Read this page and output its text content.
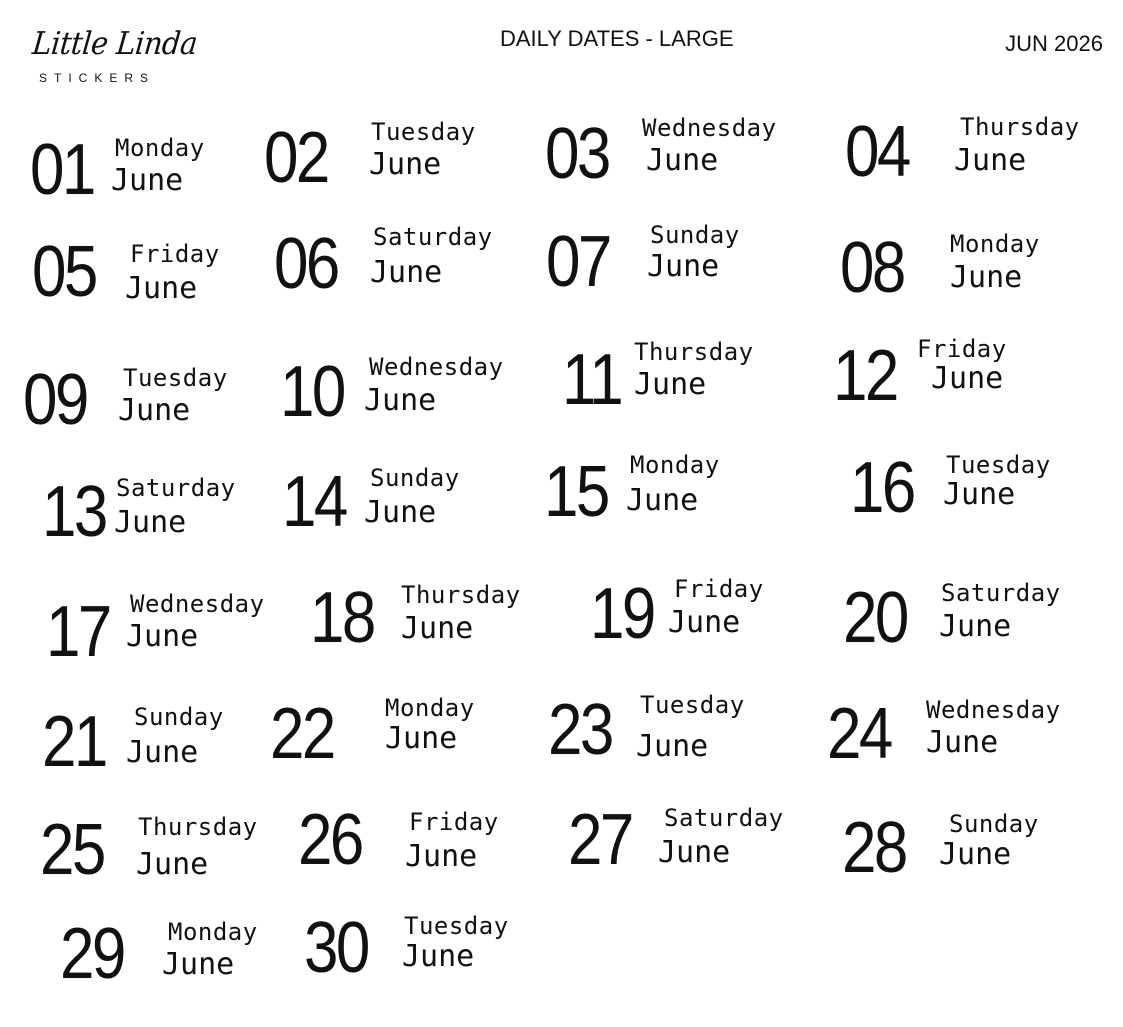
Little Linda
STICKERS
DAILY DATES - LARGE	JUN 2026
01 Monday
June 02 Tuesday
June 03 Wednesday
June 04 Thursday
June
05 Friday
June 06 Saturday
June 07 Sunday
June 08 Monday
June
09 Tuesday
June 10 Wednesday
June 11 Thursday
June 12 Friday
June
13 Saturday
June 14 Sunday
June 15 Monday
June 16 Tuesday
June
17 Wednesday
June 18 Thursday
June 19 Friday
June 20 Saturday
June
21 Sunday
June 22 Monday
June 23 Tuesday
June 24 Wednesday
June
25 Thursday
June 26 Friday
June 27 Saturday
June 28 Sunday
June
29 Monday
June 30 Tuesday
June
